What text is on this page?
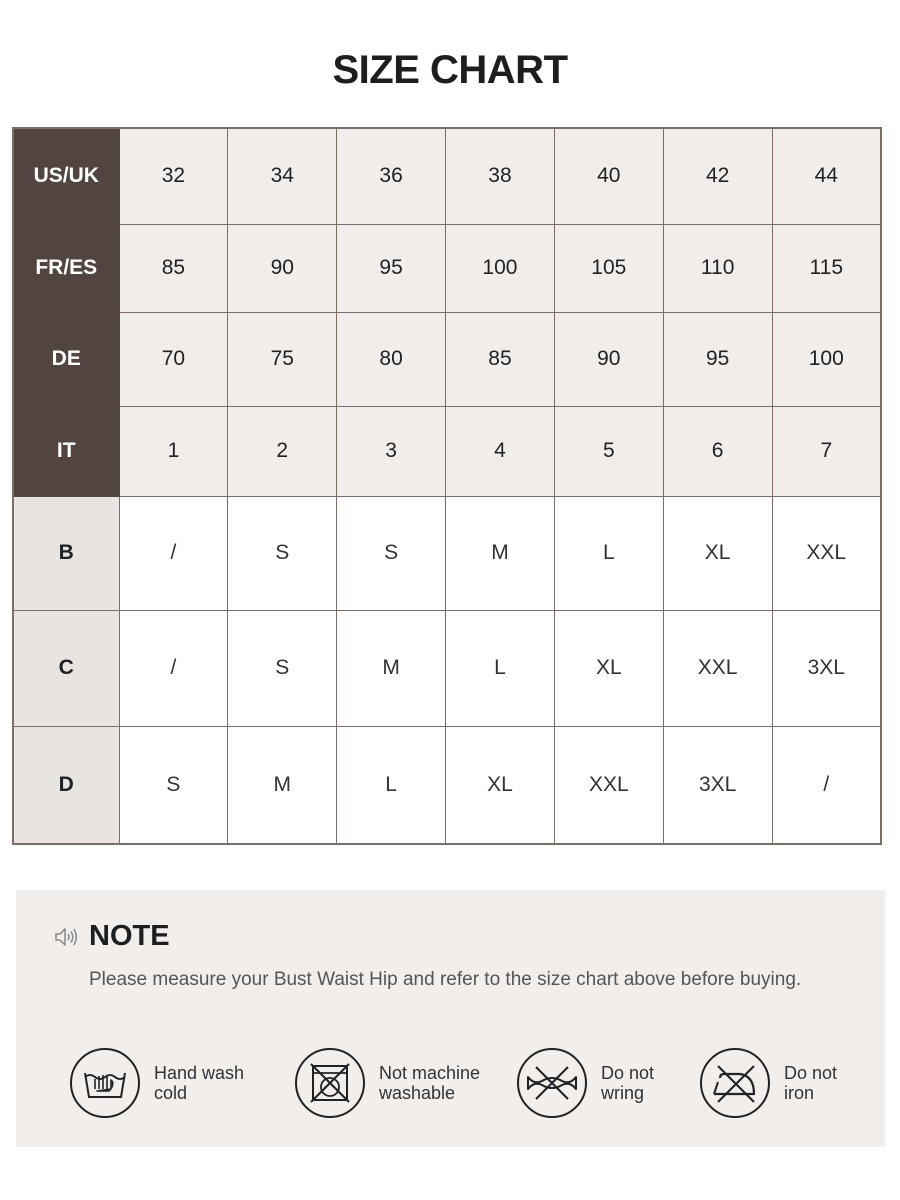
SIZE CHART
US/UK	32	34	36	38	40	42	44
FR/ES	85	90	95	100	105	110	115
DE	70	75	80	85	90	95	100
IT	1	2	3	4	5	6	7
B	/	S	S	M	L	XL	XXL
C	/	S	M	L	XL	XXL	3XL
D	S	M	L	XL	XXL	3XL	/
NOTE
Please measure your Bust Waist Hip and refer to the size chart above before buying.
Hand wash
cold
Not machine
washable
Do not
wring
Do not
iron
